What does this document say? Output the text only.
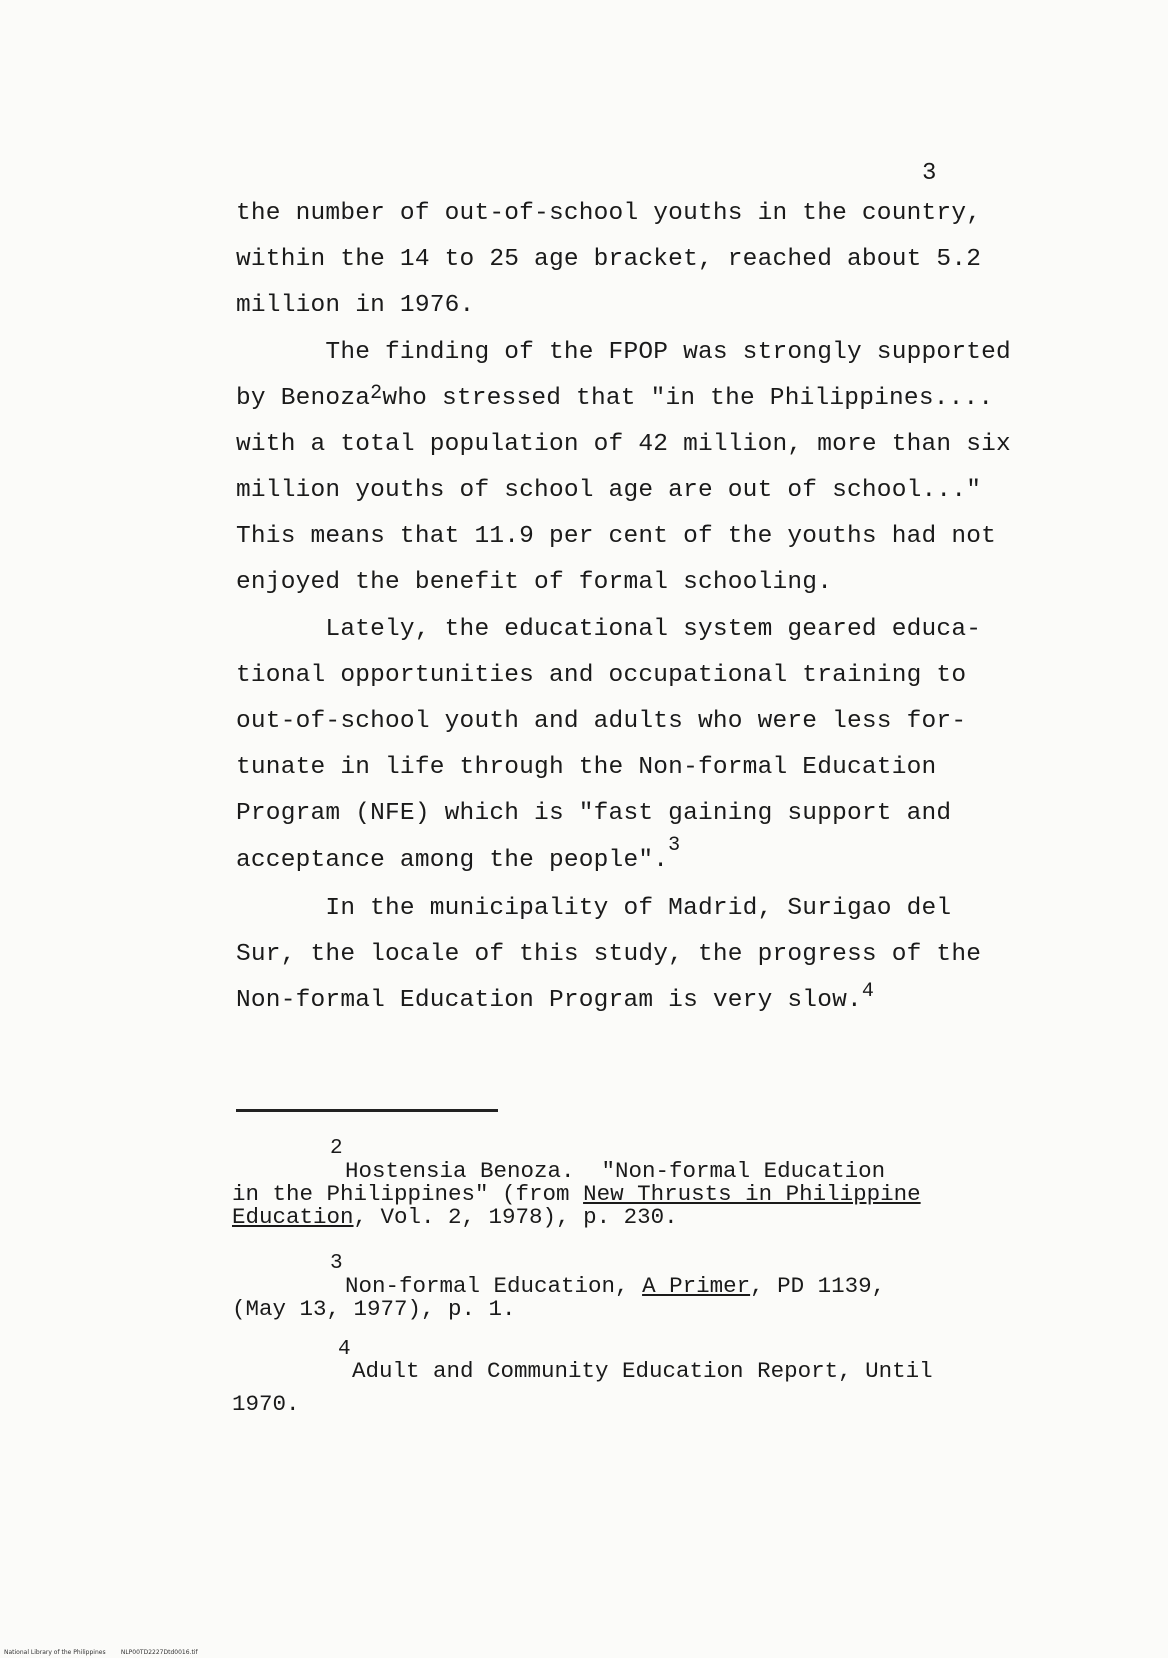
3
the number of out-of-school youths in the country,
within the 14 to 25 age bracket, reached about 5.2
million in 1976.
The finding of the FPOP was strongly supported
by Benoza$^2$who stressed that "in the Philippines....
with a total population of 42 million, more than six
million youths of school age are out of school..."
This means that 11.9 per cent of the youths had not
enjoyed the benefit of formal schooling.
Lately, the educational system geared educa-
tional opportunities and occupational training to
out-of-school youth and adults who were less for-
tunate in life through the Non-formal Education
Program (NFE) which is "fast gaining support and
acceptance among the people".$^3$
In the municipality of Madrid, Surigao del
Sur, the locale of this study, the progress of the
Non-formal Education Program is very slow.$^4$
2
Hostensia Benoza.  "Non-formal Education
in the Philippines" (from New Thrusts in Philippine
Education, Vol. 2, 1978), p. 230.
3
Non-formal Education, A Primer, PD 1139,
(May 13, 1977), p. 1.
4
Adult and Community Education Report, Until
1970.
National Library of the Philippines	NLP00TD2227Dtd0016.tif
